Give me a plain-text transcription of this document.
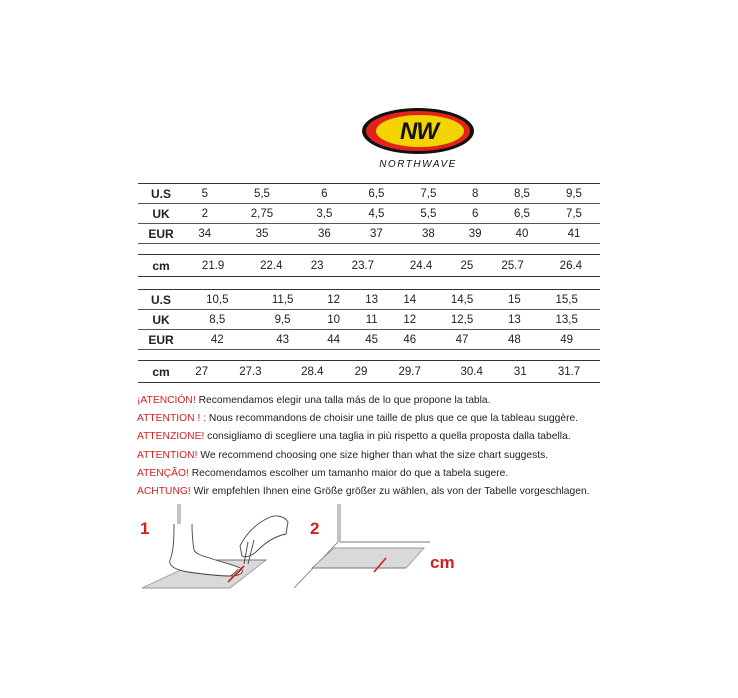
NW
NORTHWAVE
U.S	5	5,5	6	6,5	7,5	8	8,5	9,5
UK	2	2,75	3,5	4,5	5,5	6	6,5	7,5
EUR	34	35	36	37	38	39	40	41
cm	21.9	22.4	23	23.7	24.4	25	25.7	26.4
U.S	10,5	11,5	12	13	14	14,5	15	15,5
UK	8,5	9,5	10	11	12	12,5	13	13,5
EUR	42	43	44	45	46	47	48	49
cm	27	27.3	28.4	29	29.7	30.4	31	31.7
¡ATENCIÓN! Recomendamos elegir una talla más de lo que propone la tabla.
ATTENTION ! : Nous recommandons de choisir une taille de plus que ce que la tableau suggère.
ATTENZIONE! consigliamo di scegliere una taglia in più rispetto a quella proposta dalla tabella.
ATTENTION! We recommend choosing one size higher than what the size chart suggests.
ATENÇÃO! Recomendamos escolher um tamanho maior do que a tabela sugere.
ACHTUNG! Wir empfehlen Ihnen eine Größe größer zu wählen, als von der Tabelle vorgeschlagen.
1	2
cm
